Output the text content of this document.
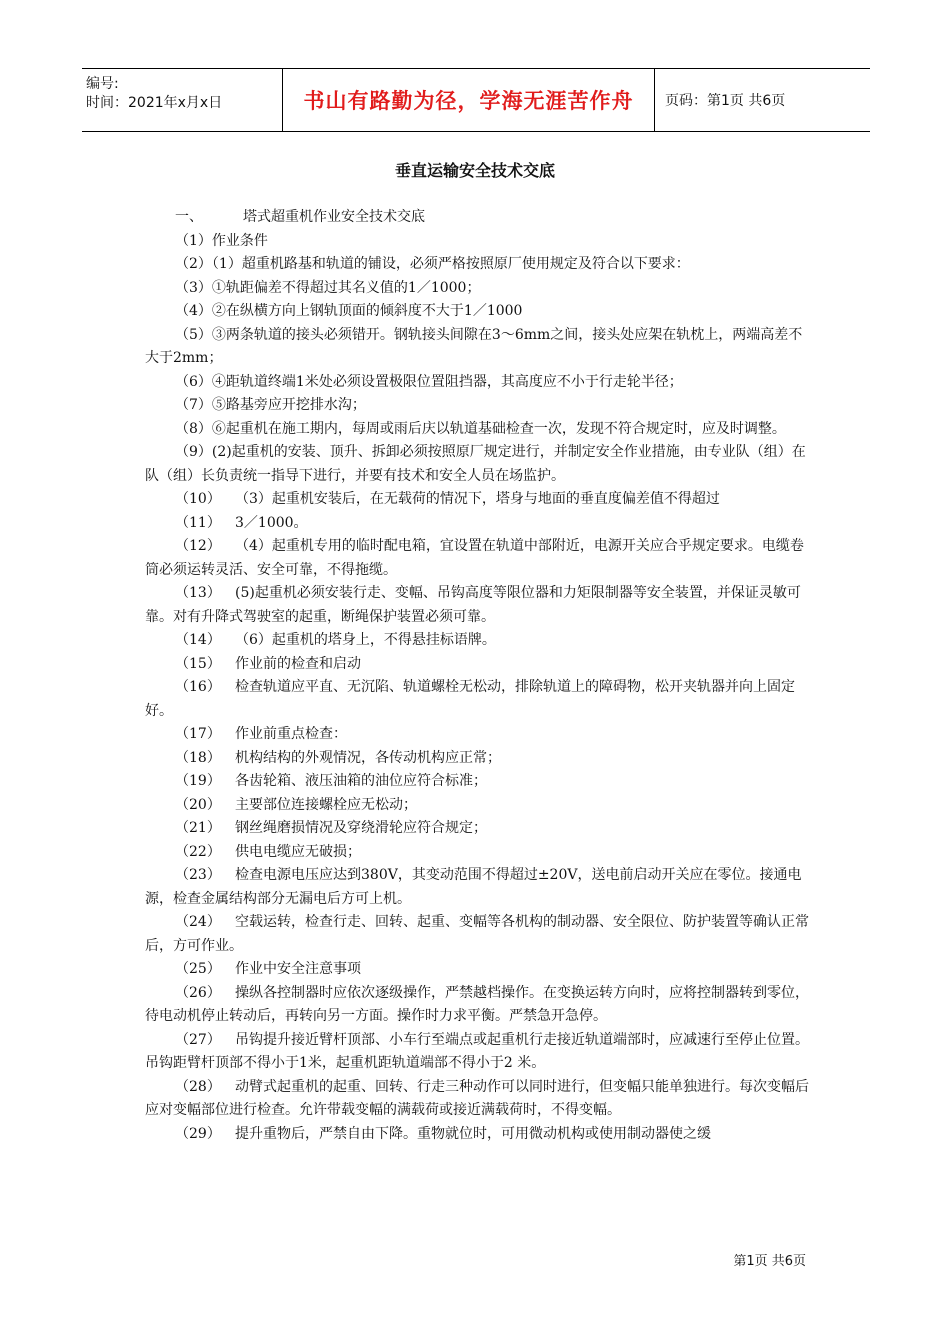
编号:
时间：2021年x月x日	书山有路勤为径，学海无涯苦作舟	页码：第1页 共6页
垂直运输安全技术交底

一、	塔式超重机作业安全技术交底

（1）作业条件

（2）（1）超重机路基和轨道的铺设，必须严格按照原厂使用规定及符合以下要求：

（3）①轨距偏差不得超过其名义值的1／1000；

（4）②在纵横方向上钢轨顶面的倾斜度不大于1／1000

（5）③两条轨道的接头必须错开。钢轨接头间隙在3～6mm之间，接头处应架在轨枕上，两端高差不大于2mm；

（6）④距轨道终端1米处必须设置极限位置阻挡器，其高度应不小于行走轮半径；

（7）⑤路基旁应开挖排水沟；

（8）⑥起重机在施工期内，每周或雨后庆以轨道基础检查一次，发现不符合规定时，应及时调整。

（9）(2)起重机的安装、顶升、拆卸必须按照原厂规定进行，并制定安全作业措施，由专业队（组）在队（组）长负责统一指导下进行，并要有技术和安全人员在场监护。

（10） （3）起重机安装后，在无载荷的情况下，塔身与地面的垂直度偏差值不得超过

（11） 3／1000。

（12） （4）起重机专用的临时配电箱，宜设置在轨道中部附近，电源开关应合乎规定要求。电缆卷筒必须运转灵活、安全可靠，不得拖缆。

（13） (5)起重机必须安装行走、变幅、吊钩高度等限位器和力矩限制器等安全装置，并保证灵敏可靠。对有升降式驾驶室的起重，断绳保护装置必须可靠。

（14） （6）起重机的塔身上，不得悬挂标语牌。

（15） 作业前的检查和启动

（16） 检查轨道应平直、无沉陷、轨道螺栓无松动，排除轨道上的障碍物，松开夹轨器并向上固定好。

（17） 作业前重点检查：

（18） 机构结构的外观情况，各传动机构应正常；

（19） 各齿轮箱、液压油箱的油位应符合标准；

（20） 主要部位连接螺栓应无松动；

（21） 钢丝绳磨损情况及穿绕滑轮应符合规定；

（22） 供电电缆应无破损；

（23） 检查电源电压应达到380V，其变动范围不得超过±20V，送电前启动开关应在零位。接通电源，检查金属结构部分无漏电后方可上机。

（24） 空载运转，检查行走、回转、起重、变幅等各机构的制动器、安全限位、防护装置等确认正常后，方可作业。

（25） 作业中安全注意事项

（26） 操纵各控制器时应依次逐级操作，严禁越档操作。在变换运转方向时，应将控制器转到零位，待电动机停止转动后，再转向另一方面。操作时力求平衡。严禁急开急停。

（27） 吊钩提升接近臂杆顶部、小车行至端点或起重机行走接近轨道端部时，应减速行至停止位置。吊钩距臂杆顶部不得小于1米，起重机距轨道端部不得小于2 米。

（28） 动臂式起重机的起重、回转、行走三种动作可以同时进行，但变幅只能单独进行。每次变幅后应对变幅部位进行检查。允许带载变幅的满载荷或接近满载荷时，不得变幅。

（29） 提升重物后，严禁自由下降。重物就位时，可用微动机构或使用制动器使之缓

第1页 共6页
